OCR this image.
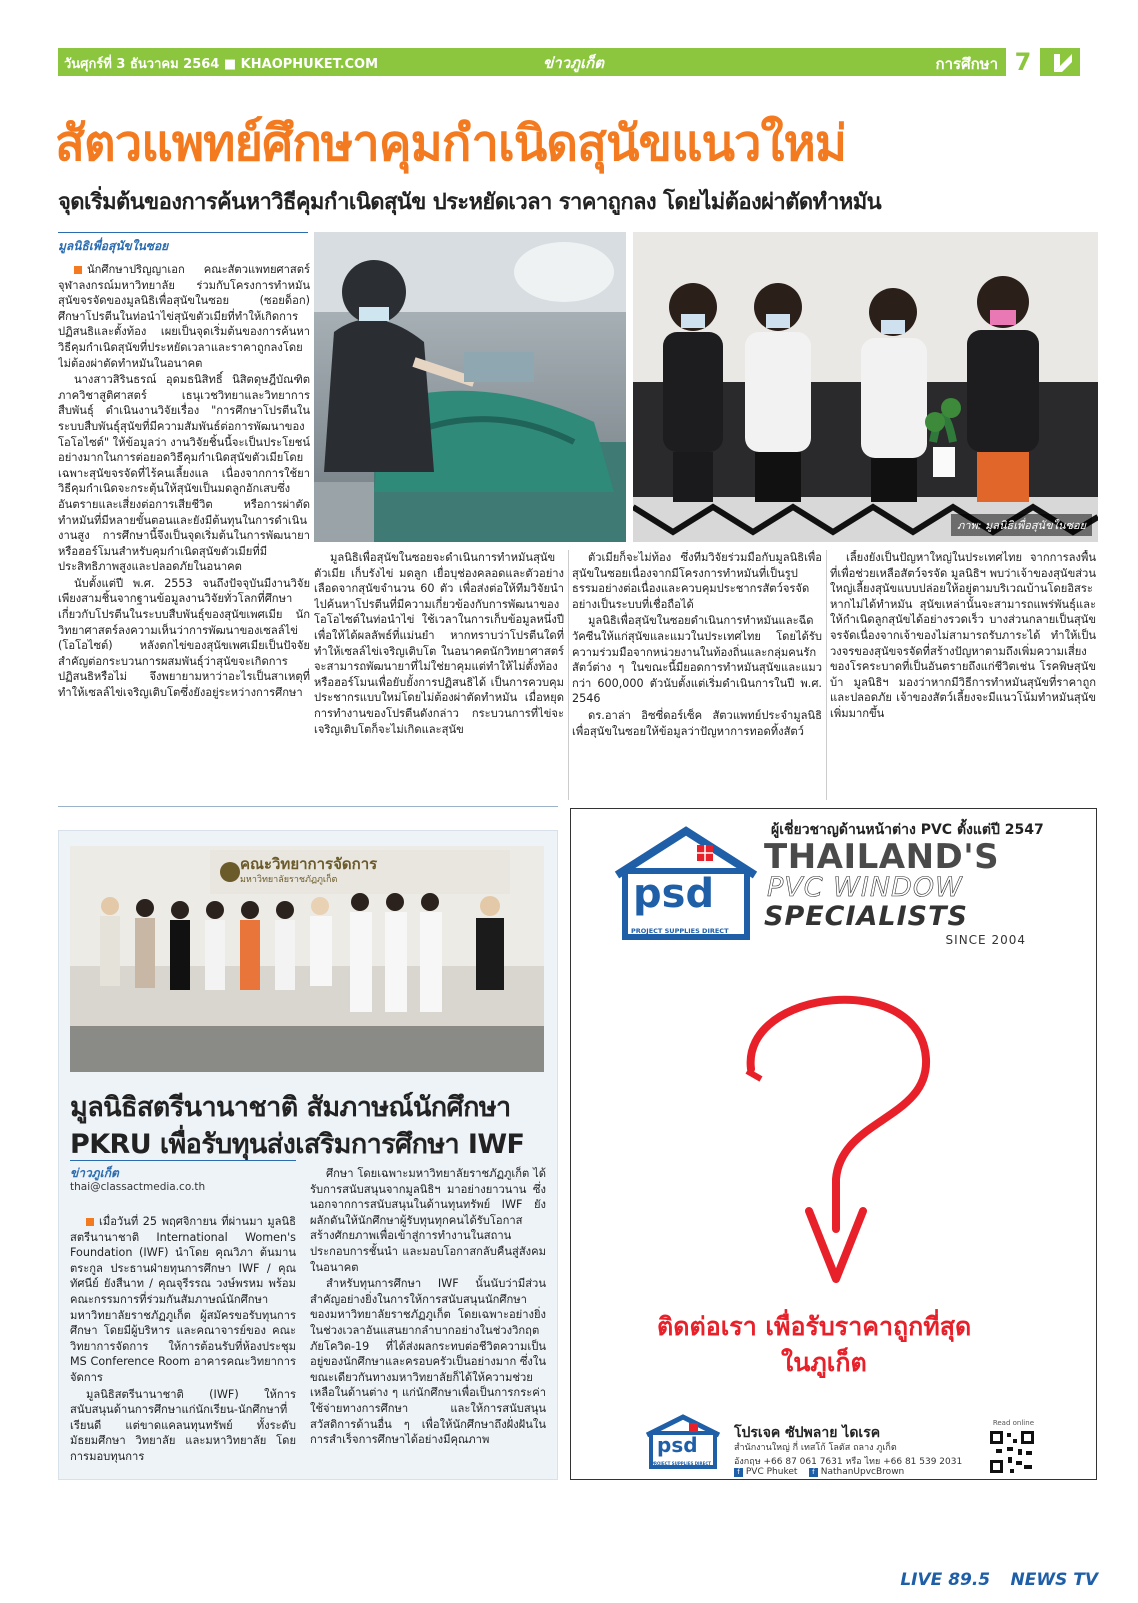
วันศุกร์ที่ 3 ธันวาคม 2564 ■ KHAOPHUKET.COM	ข่าวภูเก็ต	การศึกษา 7
สัตวแพทย์ศึกษาคุมกำเนิดสุนัขแนวใหม่
จุดเริ่มต้นของการค้นหาวิธีคุมกำเนิดสุนัข ประหยัดเวลา ราคาถูกลง โดยไม่ต้องผ่าตัดทำหมัน
มูลนิธิเพื่อสุนัขในซอย

นักศึกษาปริญญาเอก คณะสัตวแพทยศาสตร์ จุฬาลงกรณ์มหาวิทยาลัย ร่วมกับโครงการทำหมันสุนัขจรจัดของมูลนิธิเพื่อสุนัขในซอย (ซอยด็อก) ศึกษาโปรตีนในท่อนำไข่สุนัขตัวเมียที่ทำให้เกิดการปฏิสนธิและตั้งท้อง เผยเป็นจุดเริ่มต้นของการค้นหาวิธีคุมกำเนิดสุนัขที่ประหยัดเวลาและราคาถูกลงโดยไม่ต้องผ่าตัดทำหมันในอนาคต

นางสาวสิรินธรณ์ อุดมธนิสิทธิ์ นิสิตดุษฎีบัณฑิต ภาควิชาสูติศาสตร์ เธนุเวชวิทยาและวิทยาการสืบพันธุ์ ดำเนินงานวิจัยเรื่อง "การศึกษาโปรตีนในระบบสืบพันธุ์สุนัขที่มีความสัมพันธ์ต่อการพัฒนาของโอโอไซต์" ให้ข้อมูลว่า งานวิจัยชิ้นนี้จะเป็นประโยชน์อย่างมากในการต่อยอดวิธีคุมกำเนิดสุนัขตัวเมียโดยเฉพาะสุนัขจรจัดที่ไร้คนเลี้ยงแล เนื่องจากการใช้ยาวิธีคุมกำเนิดจะกระตุ้นให้สุนัขเป็นมดลูกอักเสบซึ่งอันตรายและเสี่ยงต่อการเสียชีวิต หรือการผ่าตัดทำหมันที่มีหลายขั้นตอนและยังมีต้นทุนในการดำเนินงานสูง การศึกษานี้จึงเป็นจุดเริ่มต้นในการพัฒนายาหรือฮอร์โมนสำหรับคุมกำเนิดสุนัขตัวเมียที่มีประสิทธิภาพสูงและปลอดภัยในอนาคต

นับตั้งแต่ปี พ.ศ. 2553 จนถึงปัจจุบันมีงานวิจัยเพียงสามชิ้นจากฐานข้อมูลงานวิจัยทั่วโลกที่ศึกษาเกี่ยวกับโปรตีนในระบบสืบพันธุ์ของสุนัขเพศเมีย นักวิทยาศาสตร์ลงความเห็นว่าการพัฒนาของเซลล์ไข่ (โอโอไซต์) หลังตกไข่ของสุนัขเพศเมียเป็นปัจจัยสำคัญต่อกระบวนการผสมพันธุ์ว่าสุนัขจะเกิดการปฏิสนธิหรือไม่ จึงพยายามหาว่าอะไรเป็นสาเหตุที่ทำให้เซลล์ไข่เจริญเติบโตซึ่งยังอยู่ระหว่างการศึกษา

ภาพ: มูลนิธิเพื่อสุนัขในซอย

มูลนิธิเพื่อสุนัขในซอยจะดำเนินการทำหมันสุนัขตัวเมีย เก็บรังไข่ มดลูก เยื่อบุช่องคลอดและตัวอย่างเลือดจากสุนัขจำนวน 60 ตัว เพื่อส่งต่อให้ทีมวิจัยนำไปค้นหาโปรตีนที่มีความเกี่ยวข้องกับการพัฒนาของโอโอไซต์ในท่อนำไข่ ใช้เวลาในการเก็บข้อมูลหนึ่งปีเพื่อให้ได้ผลลัพธ์ที่แม่นยำ หากทราบว่าโปรตีนใดที่ทำให้เซลล์ไข่เจริญเติบโต ในอนาคตนักวิทยาศาสตร์จะสามารถพัฒนายาที่ไม่ใช่ยาคุมแต่ทำให้ไม่ตั้งท้องหรือฮอร์โมนเพื่อยับยั้งการปฏิสนธิได้ เป็นการควบคุมประชากรแบบใหม่โดยไม่ต้องผ่าตัดทำหมัน เมื่อหยุดการทำงานของโปรตีนดังกล่าว กระบวนการที่ไข่จะเจริญเติบโตก็จะไม่เกิดและสุนัข

ตัวเมียก็จะไม่ท้อง ซึ่งทีมวิจัยร่วมมือกับมูลนิธิเพื่อสุนัขในซอยเนื่องจากมีโครงการทำหมันที่เป็นรูปธรรมอย่างต่อเนื่องและควบคุมประชากรสัตว์จรจัดอย่างเป็นระบบที่เชื่อถือได้

มูลนิธิเพื่อสุนัขในซอยดำเนินการทำหมันและฉีดวัคซีนให้แก่สุนัขและแมวในประเทศไทย โดยได้รับความร่วมมือจากหน่วยงานในท้องถิ่นและกลุ่มคนรักสัตว์ต่าง ๆ ในขณะนี้มียอดการทำหมันสุนัขและแมวกว่า 600,000 ตัวนับตั้งแต่เริ่มดำเนินการในปี พ.ศ. 2546

ดร.อาล่า อิซซี่ดอร์เซ็ค สัตวแพทย์ประจำมูลนิธิเพื่อสุนัขในซอยให้ข้อมูลว่าปัญหาการทอดทิ้งสัตว์

เลี้ยงยังเป็นปัญหาใหญ่ในประเทศไทย จากการลงพื้นที่เพื่อช่วยเหลือสัตว์จรจัด มูลนิธิฯ พบว่าเจ้าของสุนัขส่วนใหญ่เลี้ยงสุนัขแบบปล่อยให้อยู่ตามบริเวณบ้านโดยอิสระ หากไม่ได้ทำหมัน สุนัขเหล่านั้นจะสามารถแพร่พันธุ์และให้กำเนิดลูกสุนัขได้อย่างรวดเร็ว บางส่วนกลายเป็นสุนัขจรจัดเนื่องจากเจ้าของไม่สามารถรับภาระได้ ทำให้เป็นวงจรของสุนัขจรจัดที่สร้างปัญหาตามถึงเพิ่มความเสี่ยงของโรคระบาดที่เป็นอันตรายถึงแก่ชีวิตเช่น โรคพิษสุนัขบ้า มูลนิธิฯ มองว่าหากมีวิธีการทำหมันสุนัขที่ราคาถูกและปลอดภัย เจ้าของสัตว์เลี้ยงจะมีแนวโน้มทำหมันสุนัขเพิ่มมากขึ้น

คณะวิทยาการจัดการ
มหาวิทยาลัยราชภัฏภูเก็ต
มูลนิธิสตรีนานาชาติ สัมภาษณ์นักศึกษา
PKRU เพื่อรับทุนส่งเสริมการศึกษา IWF
ข่าวภูเก็ต
thai@classactmedia.co.th

เมื่อวันที่ 25 พฤศจิกายน ที่ผ่านมา มูลนิธิสตรีนานาชาติ International Women's Foundation (IWF) นำโดย คุณวิภา ต้นมาน ตระกูล ประธานฝ่ายทุนการศึกษา IWF / คุณทัศนีย์ ยังสืนาท / คุณจุรีรรณ วงษ์พรหม พร้อมคณะกรรมการที่ร่วมกันสัมภาษณ์นักศึกษามหาวิทยาลัยราชภัฏภูเก็ต ผู้สมัครขอรับทุนการศึกษา โดยมีผู้บริหาร และคณาจารย์ของ คณะวิทยาการจัดการ ให้การต้อนรับที่ห้องประชุม MS Conference Room อาคารคณะวิทยาการจัดการ

มูลนิธิสตรีนานาชาติ (IWF) ให้การสนับสนุนด้านการศึกษาแก่นักเรียน-นักศึกษาที่เรียนดี แต่ขาดแคลนทุนทรัพย์ ทั้งระดับมัธยมศึกษา วิทยาลัย และมหาวิทยาลัย โดยการมอบทุนการ

ศึกษา โดยเฉพาะมหาวิทยาลัยราชภัฏภูเก็ต ได้รับการสนับสนุนจากมูลนิธิฯ มาอย่างยาวนาน ซึ่งนอกจากการสนับสนุนในด้านทุนทรัพย์ IWF ยังผลักดันให้นักศึกษาผู้รับทุนทุกคนได้รับโอกาสสร้างศักยภาพเพื่อเข้าสู่การทำงานในสถานประกอบการชั้นนำ และมอบโอกาสกลับคืนสู่สังคมในอนาคต

สำหรับทุนการศึกษา IWF นั้นนับว่ามีส่วนสำคัญอย่างยิ่งในการให้การสนับสนุนนักศึกษาของมหาวิทยาลัยราชภัฏภูเก็ต โดยเฉพาะอย่างยิ่งในช่วงเวลาอันแสนยากลำบากอย่างในช่วงวิกฤตภัยโควิด-19 ที่ได้ส่งผลกระทบต่อชีวิตความเป็นอยู่ของนักศึกษาและครอบครัวเป็นอย่างมาก ซึ่งในขณะเดียวกันทางมหาวิทยาลัยก็ได้ให้ความช่วยเหลือในด้านต่าง ๆ แก่นักศึกษาเพื่อเป็นการกระค่าใช้จ่ายทางการศึกษา และให้การสนับสนุนสวัสดิการด้านอื่น ๆ เพื่อให้นักศึกษาถึงฝั่งฝันในการสำเร็จการศึกษาได้อย่างมีคุณภาพ

psd
PROJECT SUPPLIES DIRECT
ผู้เชี่ยวชาญด้านหน้าต่าง PVC ตั้งแต่ปี 2547
THAILAND'S
PVC WINDOW
SPECIALISTS
SINCE 2004
ติดต่อเรา เพื่อรับราคาถูกที่สุด
ในภูเก็ต
psd
PROJECT SUPPLIES DIRECT
โปรเจค ซัปพลาย ไดเรค
สำนักงานใหญ่ กี่ เทสโก้ โลตัส ถลาง ภูเก็ต
อังกฤษ +66 87 061 7631 หรือ ไทย +66 81 539 2031
f PVC Phuket f NathanUpvcBrown
Read online
LIVE 89.5 NEWS TV
